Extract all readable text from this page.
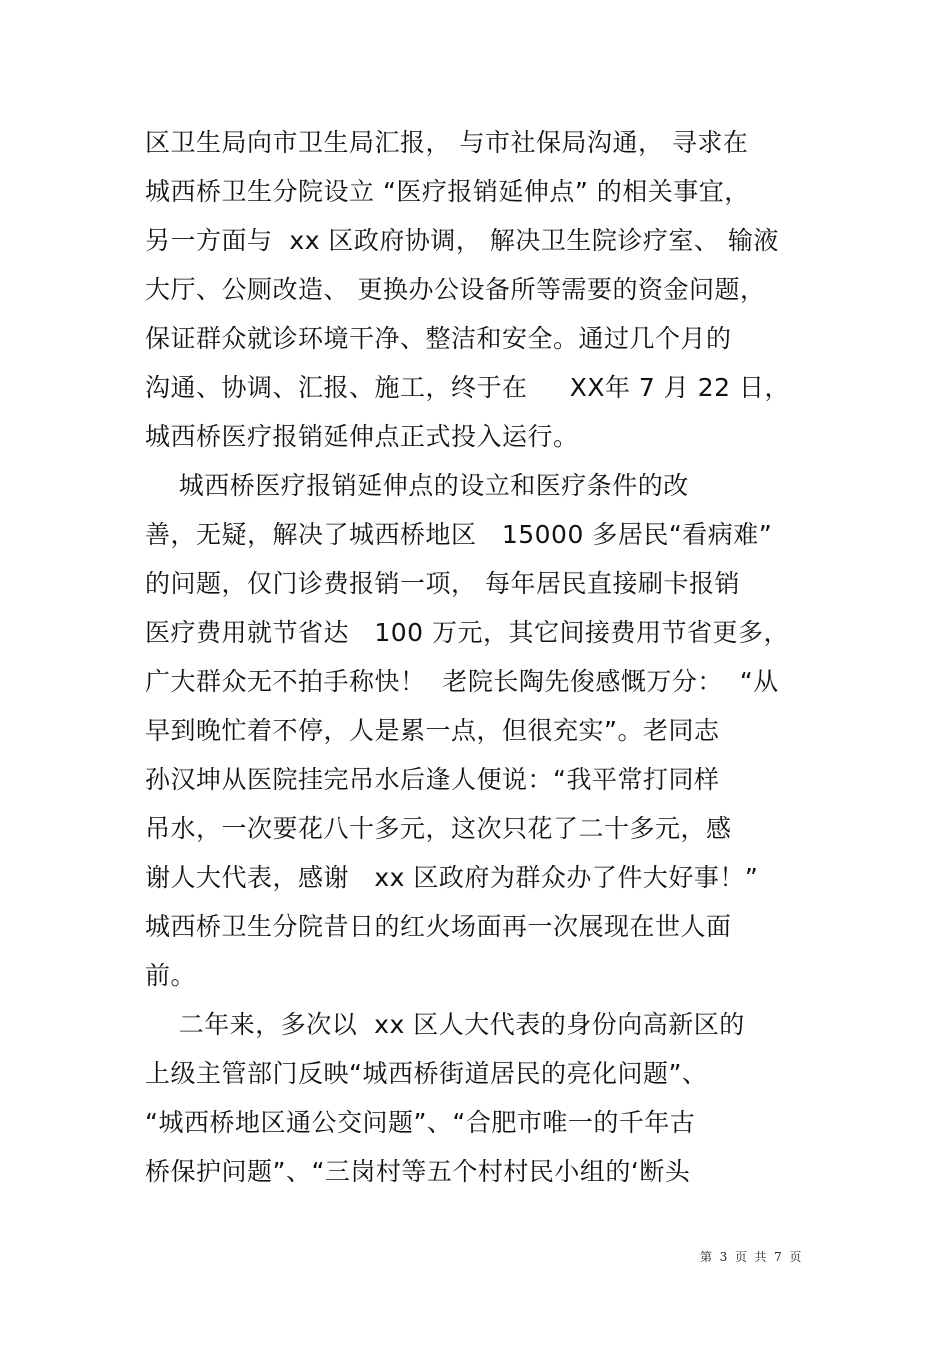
区卫生局向市卫生局汇报， 与市社保局沟通， 寻求在
城西桥卫生分院设立 “医疗报销延伸点” 的相关事宜，
另一方面与  xx 区政府协调， 解决卫生院诊疗室、 输液
大厅、公厕改造、 更换办公设备所等需要的资金问题，
保证群众就诊环境干净、整洁和安全。通过几个月的
沟通、协调、汇报、施工，终于在     XX年 7 月 22 日，
城西桥医疗报销延伸点正式投入运行。
城西桥医疗报销延伸点的设立和医疗条件的改
善，无疑，解决了城西桥地区   15000 多居民“看病难”
的问题，仅门诊费报销一项， 每年居民直接刷卡报销
医疗费用就节省达   100 万元，其它间接费用节省更多，
广大群众无不拍手称快！  老院长陶先俊感慨万分：  “从
早到晚忙着不停，人是累一点，但很充实”。老同志
孙汉坤从医院挂完吊水后逢人便说：“我平常打同样
吊水，一次要花八十多元，这次只花了二十多元，感
谢人大代表，感谢   xx 区政府为群众办了件大好事！”
城西桥卫生分院昔日的红火场面再一次展现在世人面
前。
二年来，多次以  xx 区人大代表的身份向高新区的
上级主管部门反映“城西桥街道居民的亮化问题”、
“城西桥地区通公交问题”、“合肥市唯一的千年古
桥保护问题”、“三岗村等五个村村民小组的‘断头
第  3  页  共  7  页
